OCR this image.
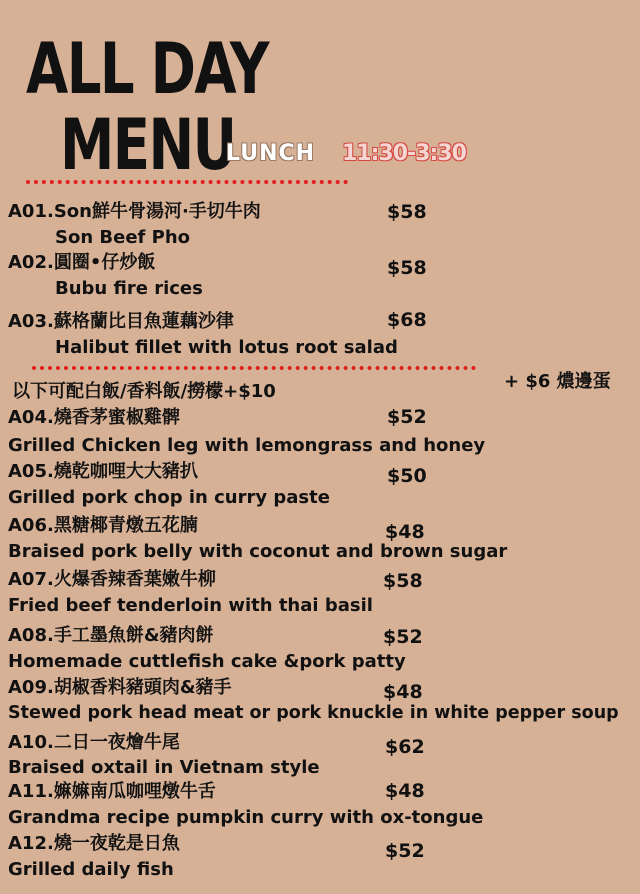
ALL DAY
MENU
LUNCH 11:30-3:30
A01.Son鮮牛骨湯河·手切牛肉	$58
Son Beef Pho
A02.圓圈•仔炒飯	$58
Bubu fire rices
A03.蘇格蘭比目魚蓮藕沙律	$68
Halibut fillet with lotus root salad
以下可配白飯/香料飯/撈檬+$10	+ $6 燶邊蛋
A04.燒香茅蜜椒雞髀	$52
Grilled Chicken leg with lemongrass and honey
A05.燒乾咖哩大大豬扒	$50
Grilled pork chop in curry paste
A06.黑糖椰青燉五花腩	$48
Braised pork belly with coconut and brown sugar
A07.火爆香辣香葉嫩牛柳	$58
Fried beef tenderloin with thai basil
A08.手工墨魚餅&豬肉餅	$52
Homemade cuttlefish cake &pork patty
A09.胡椒香料豬頭肉&豬手	$48
Stewed pork head meat or pork knuckle in white pepper soup
A10.二日一夜燴牛尾	$62
Braised oxtail in Vietnam style
A11.嫲嫲南瓜咖哩燉牛舌	$48
Grandma recipe pumpkin curry with ox-tongue
A12.燒一夜乾是日魚	$52
Grilled daily fish
